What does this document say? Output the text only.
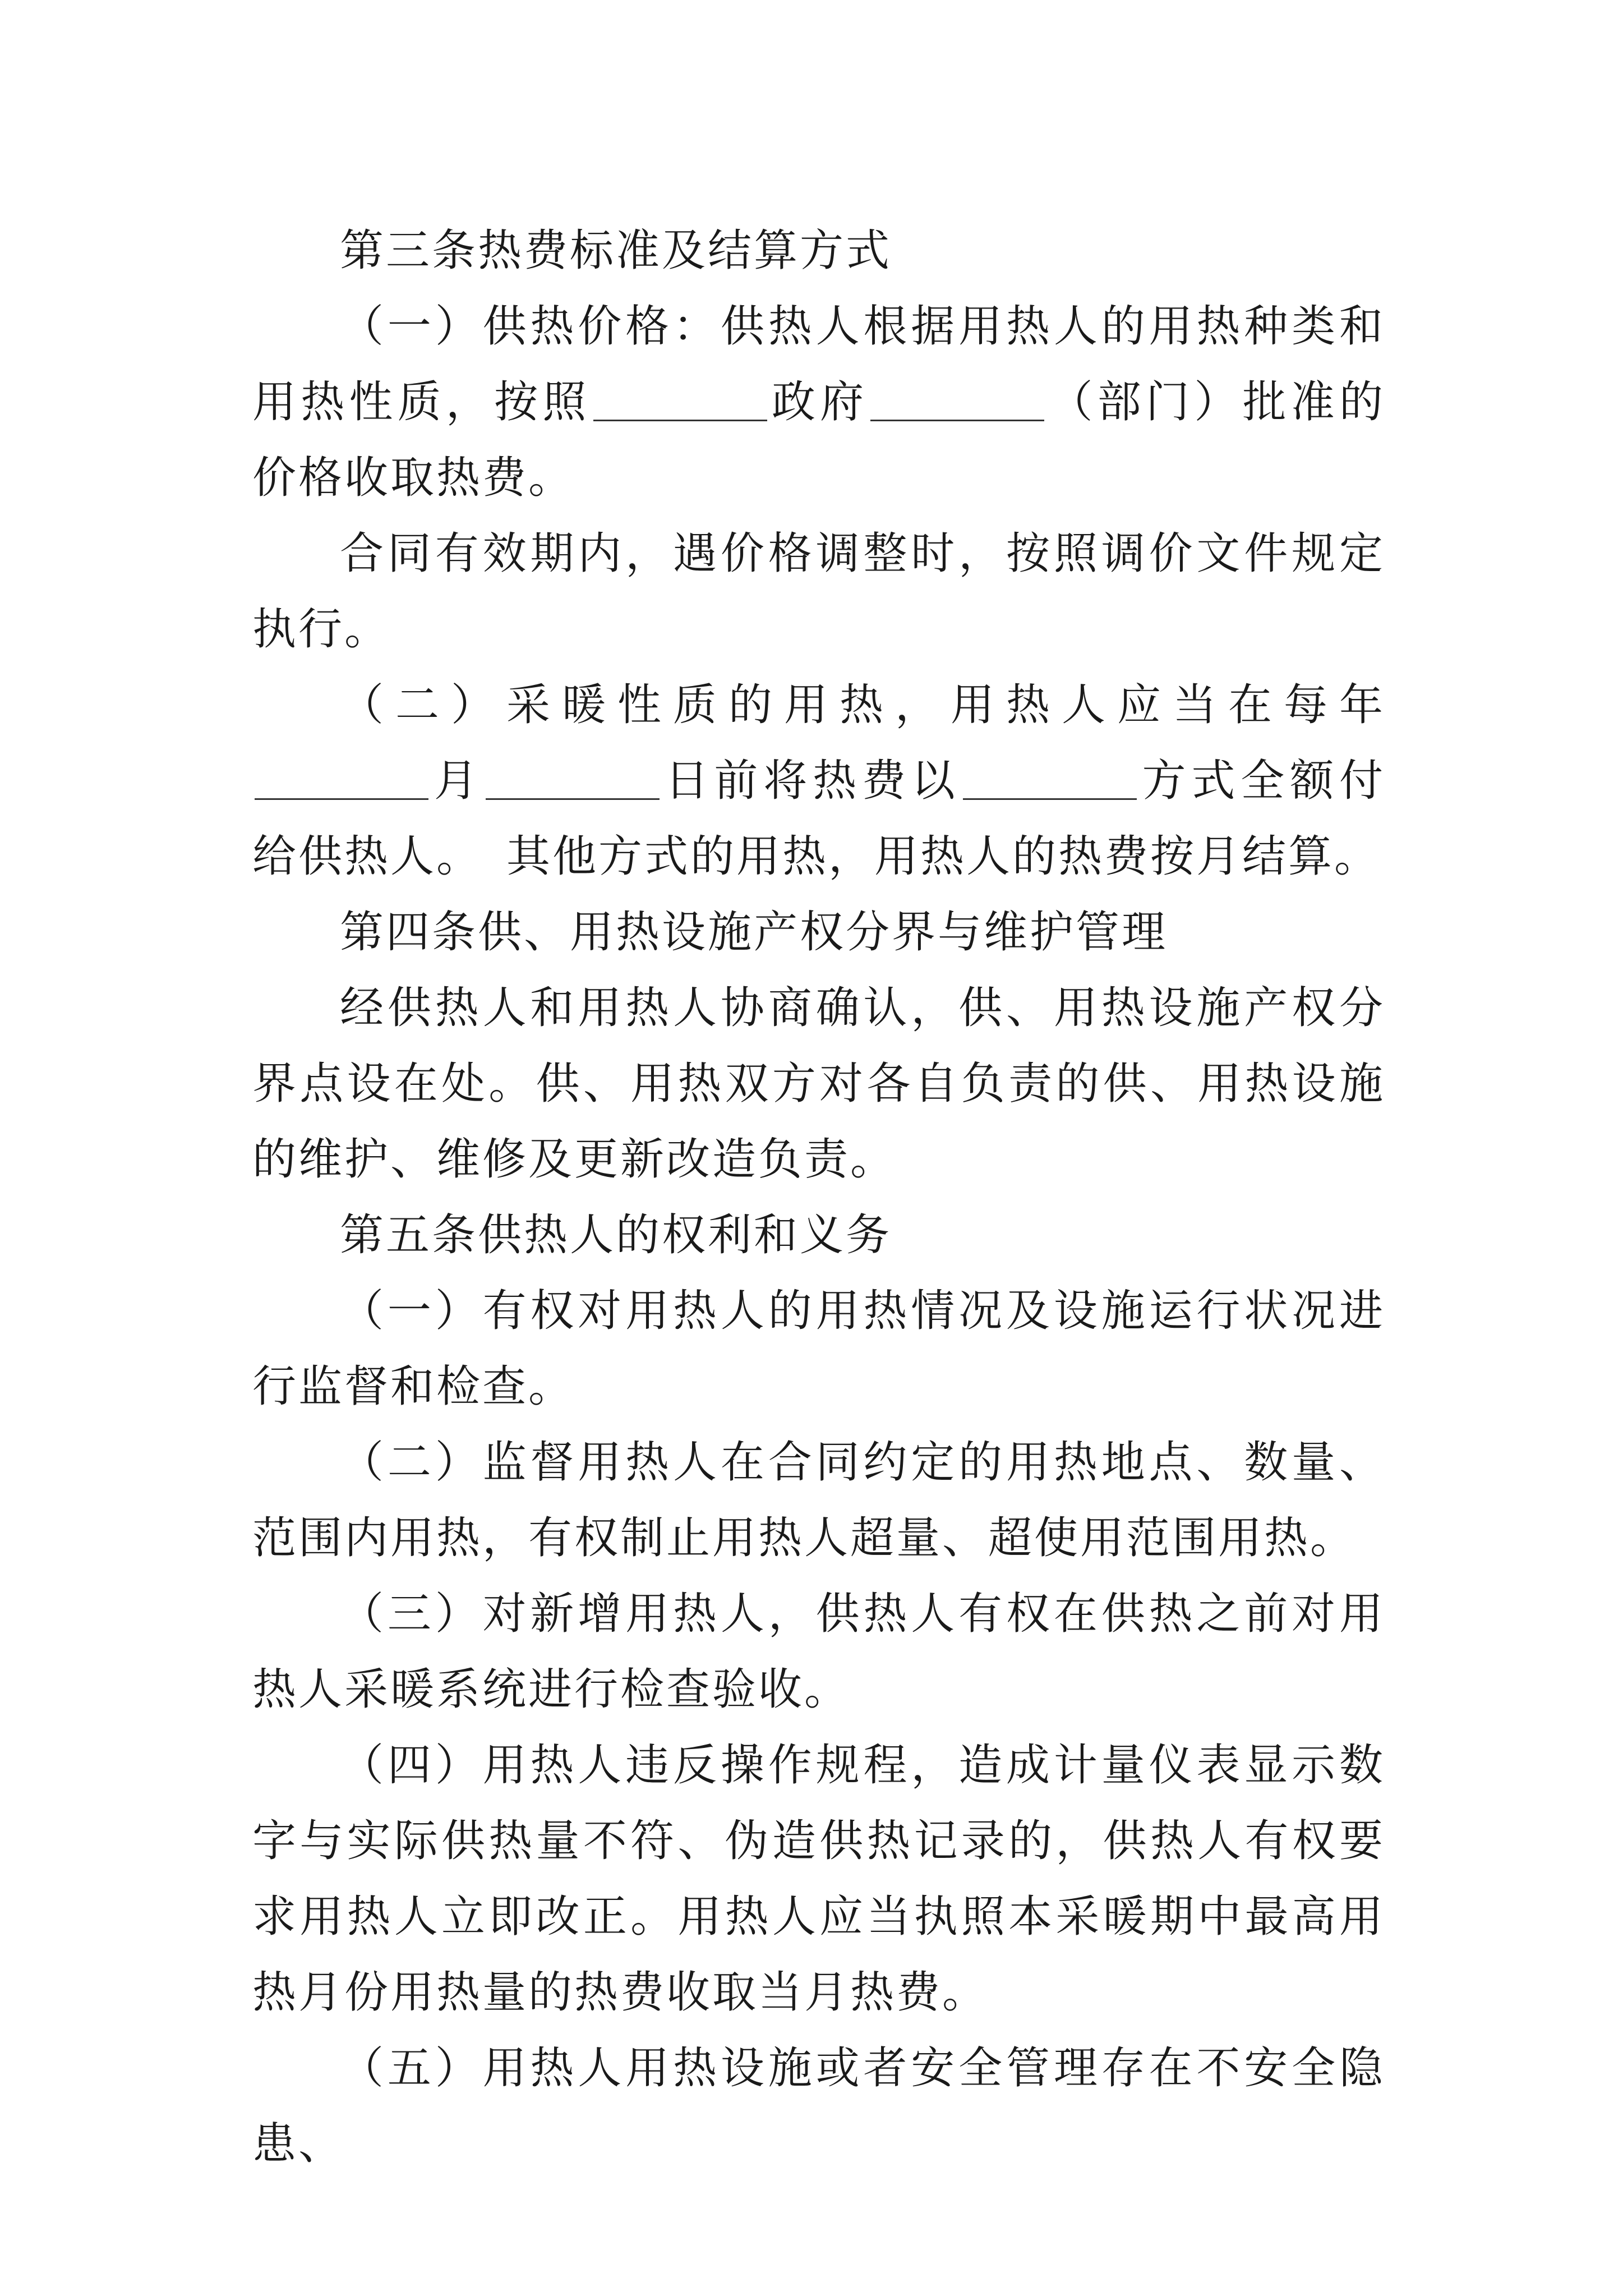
第三条热费标准及结算方式

（一）供热价格：供热人根据用热人的用热种类和用热性质，按照	政府	（部门）批准的价格收取热费。

合同有效期内，遇价格调整时，按照调价文件规定执行。

（二）采暖性质的用热，用热人应当在每年月	日前将热费以	方式全额付给供热人。　其他方式的用热，用热人的热费按月结算。

第四条供、用热设施产权分界与维护管理

经供热人和用热人协商确认，供、用热设施产权分界点设在处。供、用热双方对各自负责的供、用热设施的维护、维修及更新改造负责。

第五条供热人的权利和义务

（一）有权对用热人的用热情况及设施运行状况进行监督和检查。

（二）监督用热人在合同约定的用热地点、数量、范围内用热，有权制止用热人超量、超使用范围用热。

（三）对新增用热人，供热人有权在供热之前对用热人采暖系统进行检查验收。

（四）用热人违反操作规程，造成计量仪表显示数字与实际供热量不符、伪造供热记录的，供热人有权要求用热人立即改正。用热人应当执照本采暖期中最高用热月份用热量的热费收取当月热费。

（五）用热人用热设施或者安全管理存在不安全隐患、
